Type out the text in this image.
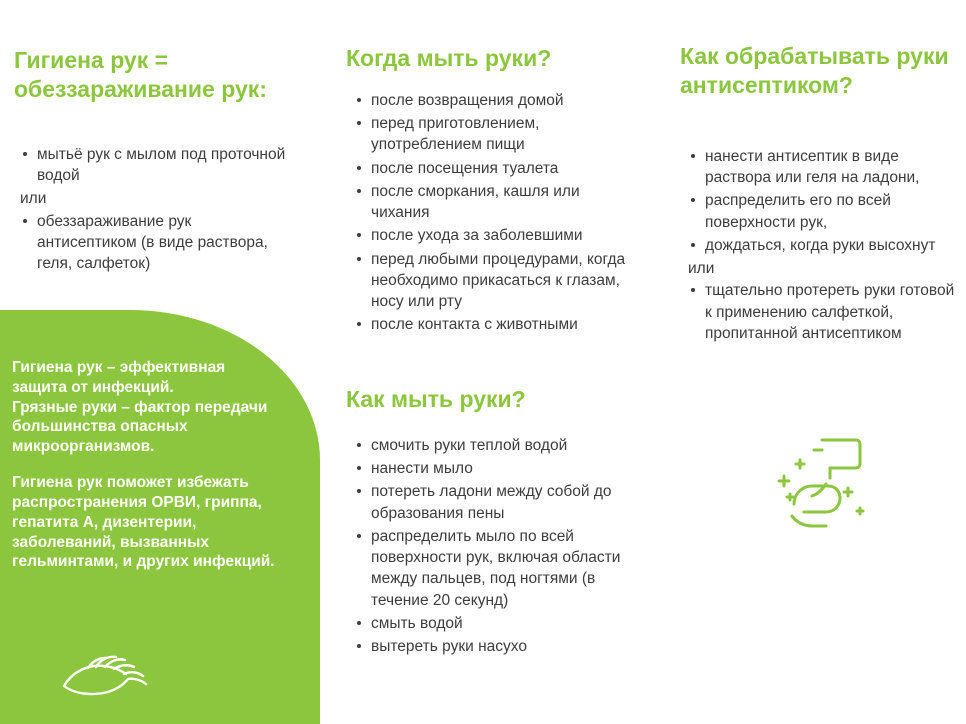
Гигиена рук = обеззараживание рук:
мытьё рук с мылом под проточной водой
или
обеззараживание рук антисептиком (в виде раствора, геля, салфеток)

Гигиена рук – эффективная защита от инфекций.

Грязные руки – фактор передачи большинства опасных микроорганизмов.

Гигиена рук поможет избежать распространения ОРВИ, гриппа, гепатита А, дизентерии, заболеваний, вызванных гельминтами, и других инфекций.

Когда мыть руки?
после возвращения домой
перед приготовлением, употреблением пищи
после посещения туалета
после сморкания, кашля или чихания
после ухода за заболевшими
перед любыми процедурами, когда необходимо прикасаться к глазам, носу или рту
после контакта с животными
Как мыть руки?
смочить руки теплой водой
нанести мыло
потереть ладони между собой до образования пены
распределить мыло по всей поверхности рук, включая области между пальцев, под ногтями (в течение 20 секунд)
смыть водой
вытереть руки насухо
Как обрабатывать руки антисептиком?
нанести антисептик в виде раствора или геля на ладони,
распределить его по всей поверхности рук,
дождаться, когда руки высохнут
или
тщательно протереть руки готовой к применению салфеткой, пропитанной антисептиком
